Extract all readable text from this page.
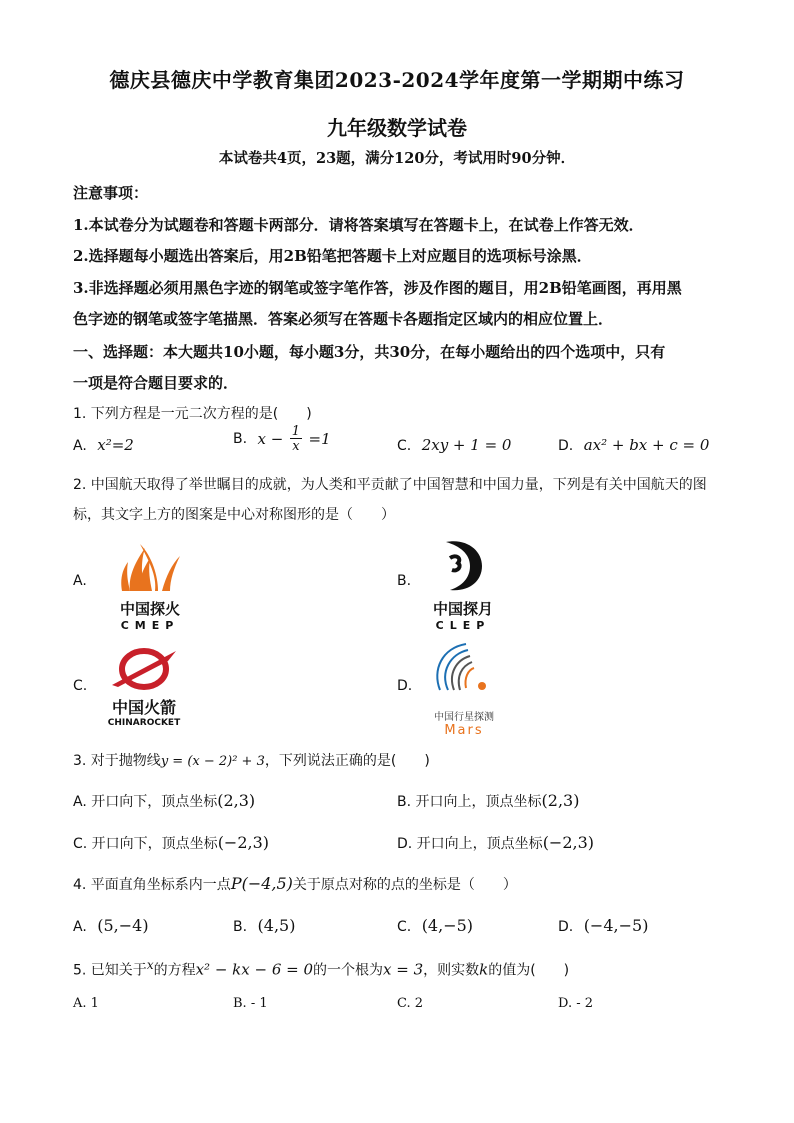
德庆县德庆中学教育集团2023-2024学年度第一学期期中练习
九年级数学试卷
本试卷共4页，23题，满分120分，考试用时90分钟．
注意事项：
1.本试卷分为试题卷和答题卡两部分．请将答案填写在答题卡上，在试卷上作答无效．
2.选择题每小题选出答案后，用2B铅笔把答题卡上对应题目的选项标号涂黑．
3.非选择题必须用黑色字迹的钢笔或签字笔作答，涉及作图的题目，用2B铅笔画图，再用黑
色字迹的钢笔或签字笔描黑．答案必须写在答题卡各题指定区域内的相应位置上．
一、选择题：本大题共10小题，每小题3分，共30分，在每小题给出的四个选项中，只有
一项是符合题目要求的．
1. 下列方程是一元二次方程的是(　　)
A. x²=2	B. $x - \frac{1}{x} =1$	C. 2xy + 1 = 0	D. ax² + bx + c = 0
2. 中国航天取得了举世瞩目的成就，为人类和平贡献了中国智慧和中国力量，下列是有关中国航天的图
标，其文字上方的图案是中心对称图形的是（　　）
A.
中国探火
CMEP
B.
中国探月
CLEP
C.
中国火箭
CHINAROCKET
D.
中国行星探测
Mars
3. 对于抛物线y = (x − 2)² + 3，下列说法正确的是(　　)
A. 开口向下，顶点坐标(2,3)	B. 开口向上，顶点坐标(2,3)
C. 开口向下，顶点坐标(−2,3)	D. 开口向上，顶点坐标(−2,3)
4. 平面直角坐标系内一点P(−4,5)关于原点对称的点的坐标是（　　）
A. (5,−4)	B. (4,5)	C. (4,−5)	D. (−4,−5)
5. 已知关于x的方程x² − kx − 6 = 0的一个根为x = 3，则实数k的值为(　　)
A. 1	B. - 1	C. 2	D. - 2
